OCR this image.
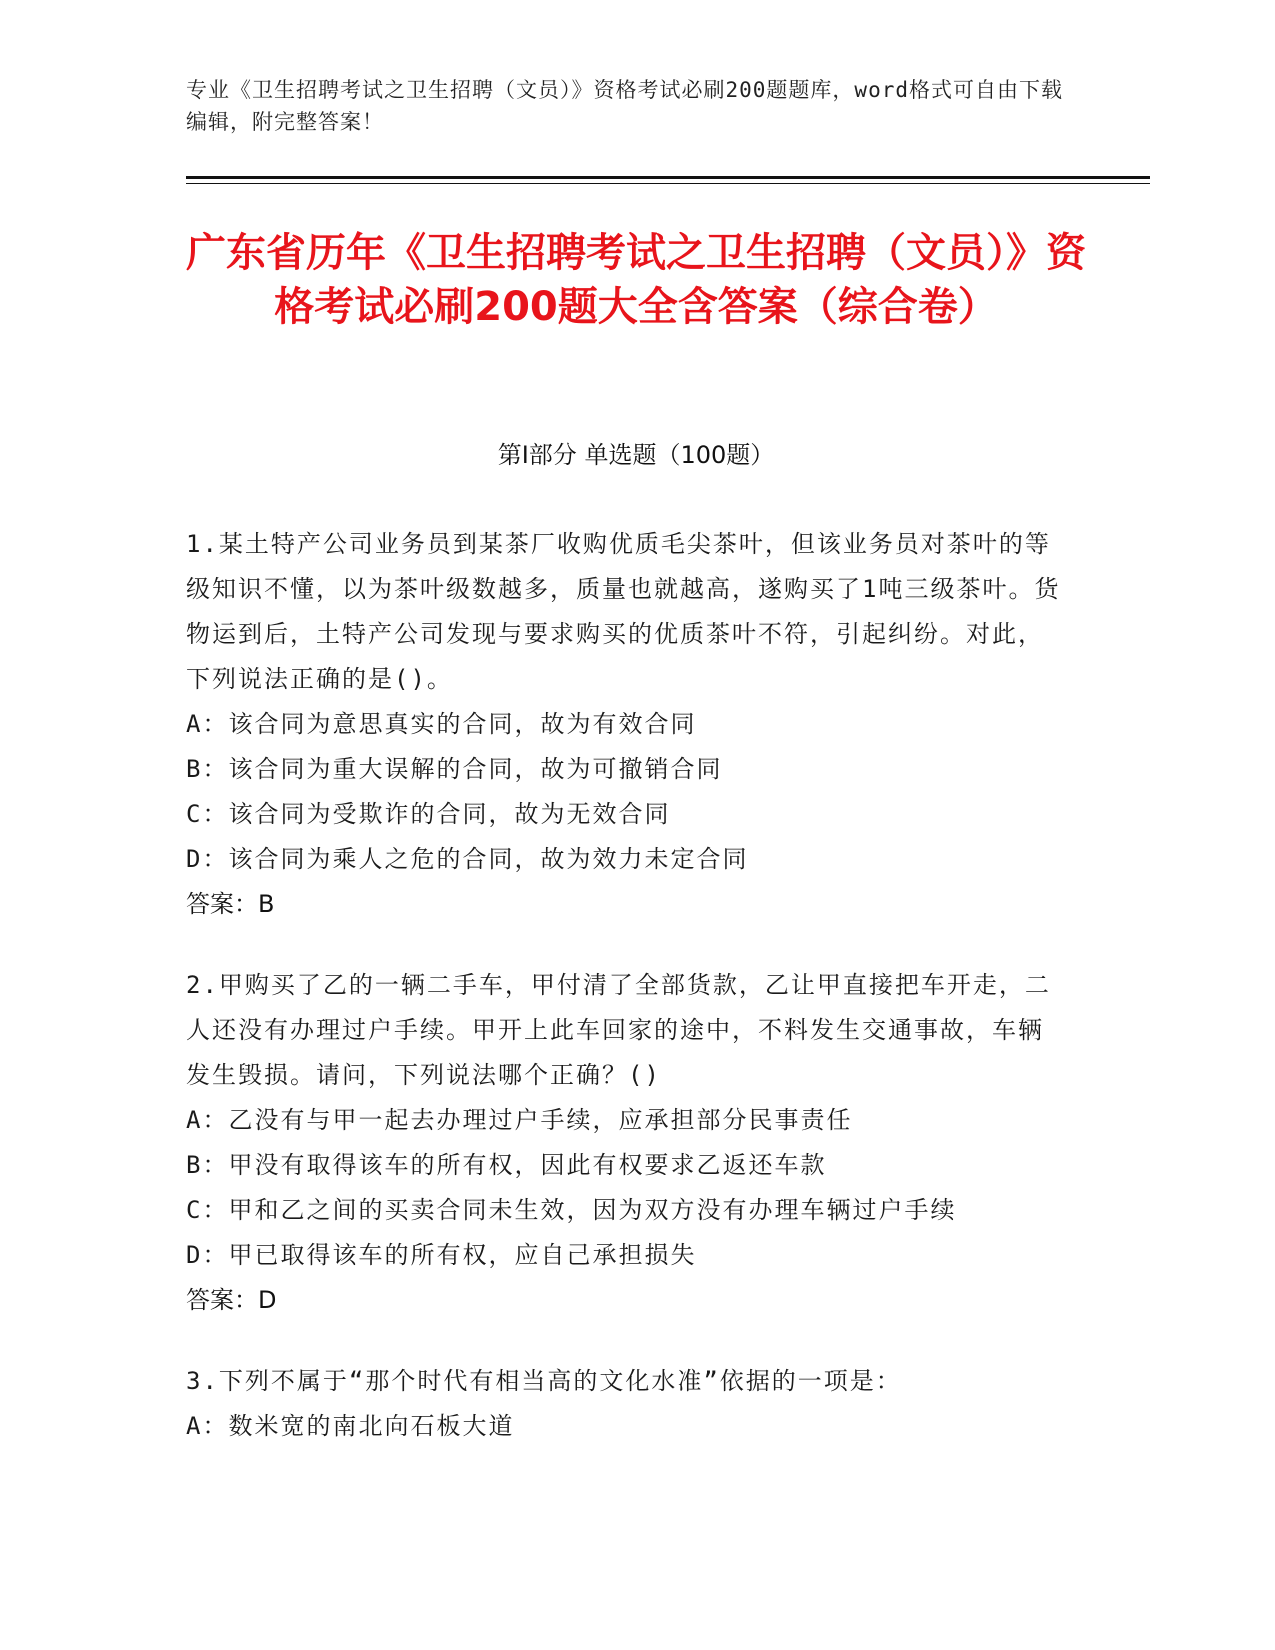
专业《卫生招聘考试之卫生招聘（文员）》资格考试必刷200题题库，word格式可自由下载编辑，附完整答案！
广东省历年《卫生招聘考试之卫生招聘（文员）》资格考试必刷200题大全含答案（综合卷）
第Ⅰ部分 单选题（100题）
1.某土特产公司业务员到某茶厂收购优质毛尖茶叶，但该业务员对茶叶的等级知识不懂，以为茶叶级数越多，质量也就越高，遂购买了1吨三级茶叶。货物运到后，土特产公司发现与要求购买的优质茶叶不符，引起纠纷。对此，下列说法正确的是()。
A：该合同为意思真实的合同，故为有效合同
B：该合同为重大误解的合同，故为可撤销合同
C：该合同为受欺诈的合同，故为无效合同
D：该合同为乘人之危的合同，故为效力未定合同
答案：B
2.甲购买了乙的一辆二手车，甲付清了全部货款，乙让甲直接把车开走，二人还没有办理过户手续。甲开上此车回家的途中，不料发生交通事故，车辆发生毁损。请问，下列说法哪个正确？()
A：乙没有与甲一起去办理过户手续，应承担部分民事责任
B：甲没有取得该车的所有权，因此有权要求乙返还车款
C：甲和乙之间的买卖合同未生效，因为双方没有办理车辆过户手续
D：甲已取得该车的所有权，应自己承担损失
答案：D
3.下列不属于“那个时代有相当高的文化水准”依据的一项是：
A：数米宽的南北向石板大道
